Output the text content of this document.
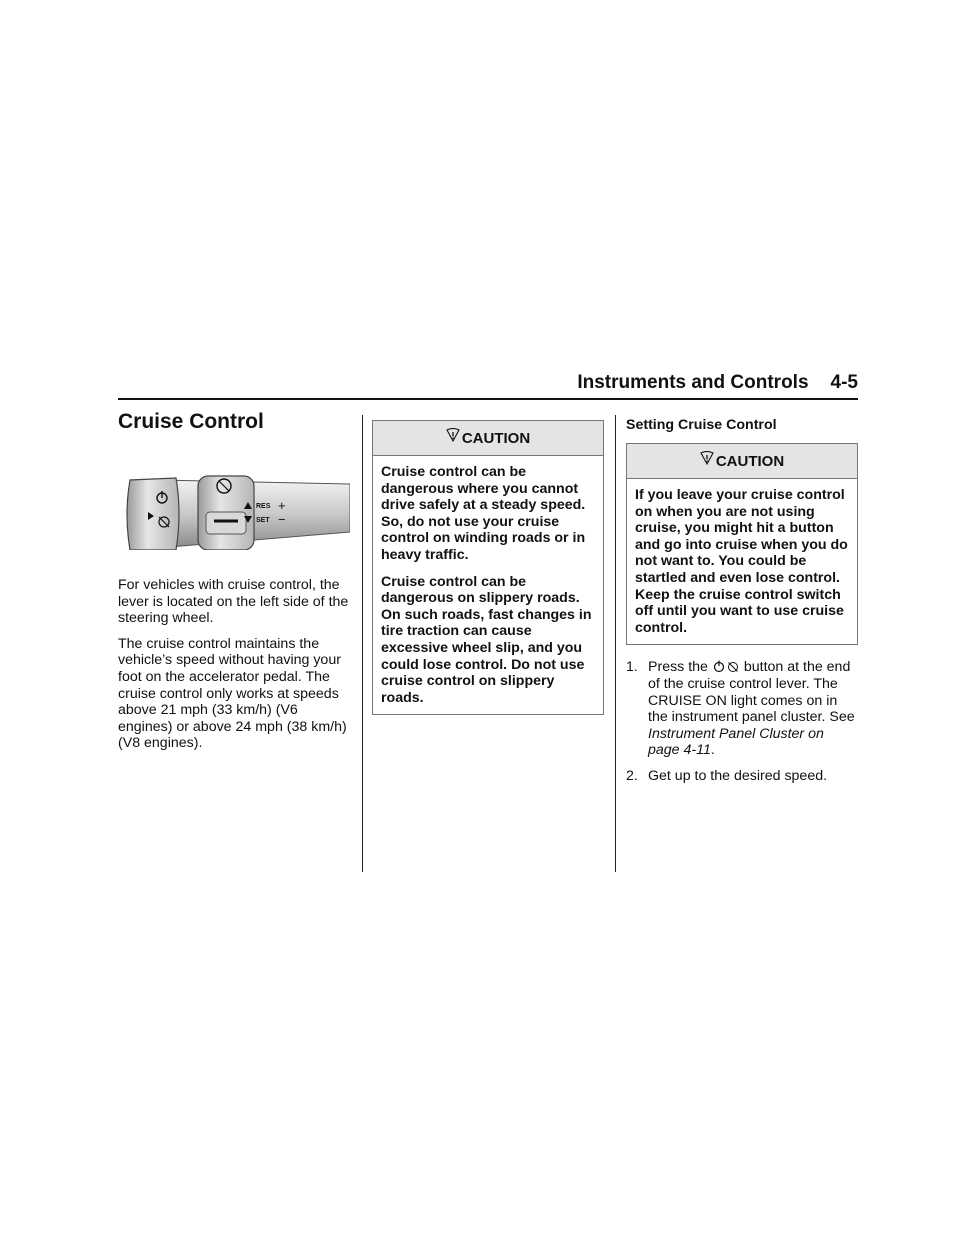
Instruments and Controls 4-5
Cruise Control
RES
SET
+
−

For vehicles with cruise control, the lever is located on the left side of the steering wheel.

The cruise control maintains the vehicle’s speed without having your foot on the accelerator pedal. The cruise control only works at speeds above 21 mph (33 km/h) (V6 engines) or above 24 mph (38 km/h) (V8 engines).

CAUTION

Cruise control can be dangerous where you cannot drive safely at a steady speed. So, do not use your cruise control on winding roads or in heavy traffic.

Cruise control can be dangerous on slippery roads. On such roads, fast changes in tire traction can cause excessive wheel slip, and you could lose control. Do not use cruise control on slippery roads.

Setting Cruise Control
CAUTION

If you leave your cruise control on when you are not using cruise, you might hit a button and go into cruise when you do not want to. You could be startled and even lose control. Keep the cruise control switch off until you want to use cruise control.

1. Press the	button at the end of the cruise control lever. The CRUISE ON light comes on in the instrument panel cluster. See Instrument Panel Cluster on page 4-11.
2. Get up to the desired speed.
